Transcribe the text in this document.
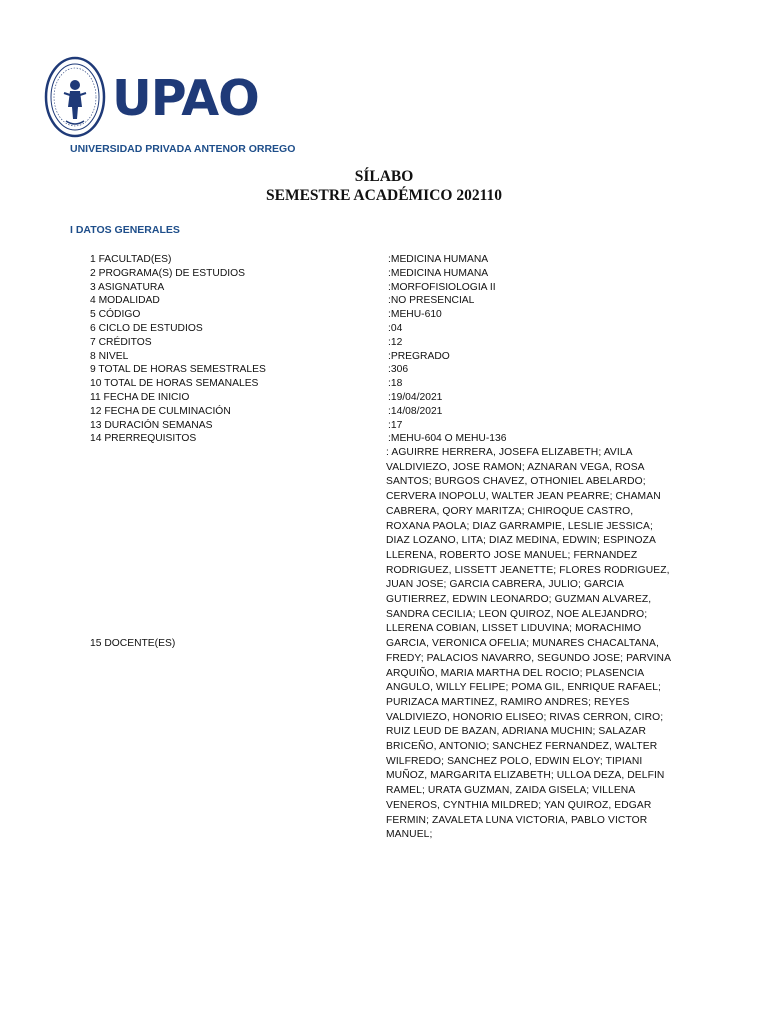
UPAO
UNIVERSIDAD PRIVADA ANTENOR ORREGO
SÍLABO
SEMESTRE ACADÉMICO 202110
I DATOS GENERALES
1 FACULTAD(ES)	:MEDICINA HUMANA
2 PROGRAMA(S) DE ESTUDIOS	:MEDICINA HUMANA
3 ASIGNATURA	:MORFOFISIOLOGIA II
4 MODALIDAD	:NO PRESENCIAL
5 CÓDIGO	:MEHU-610
6 CICLO DE ESTUDIOS	:04
7 CRÉDITOS	:12
8 NIVEL	:PREGRADO
9 TOTAL DE HORAS SEMESTRALES	:306
10 TOTAL DE HORAS SEMANALES	:18
11 FECHA DE INICIO	:19/04/2021
12 FECHA DE CULMINACIÓN	:14/08/2021
13 DURACIÓN SEMANAS	:17
14 PRERREQUISITOS	:MEHU-604 O MEHU-136
15 DOCENTE(ES)
: AGUIRRE HERRERA, JOSEFA ELIZABETH; AVILA VALDIVIEZO, JOSE RAMON; AZNARAN VEGA, ROSA SANTOS; BURGOS CHAVEZ, OTHONIEL ABELARDO; CERVERA INOPOLU, WALTER JEAN PEARRE; CHAMAN CABRERA, QORY MARITZA; CHIROQUE CASTRO, ROXANA PAOLA; DIAZ GARRAMPIE, LESLIE JESSICA; DIAZ LOZANO, LITA; DIAZ MEDINA, EDWIN; ESPINOZA LLERENA, ROBERTO JOSE MANUEL; FERNANDEZ RODRIGUEZ, LISSETT JEANETTE; FLORES RODRIGUEZ, JUAN JOSE; GARCIA CABRERA, JULIO; GARCIA GUTIERREZ, EDWIN LEONARDO; GUZMAN ALVAREZ, SANDRA CECILIA; LEON QUIROZ, NOE ALEJANDRO; LLERENA COBIAN, LISSET LIDUVINA; MORACHIMO GARCIA, VERONICA OFELIA; MUNARES CHACALTANA, FREDY; PALACIOS NAVARRO, SEGUNDO JOSE; PARVINA ARQUIÑO, MARIA MARTHA DEL ROCIO; PLASENCIA ANGULO, WILLY FELIPE; POMA GIL, ENRIQUE RAFAEL; PURIZACA MARTINEZ, RAMIRO ANDRES; REYES VALDIVIEZO, HONORIO ELISEO; RIVAS CERRON, CIRO; RUIZ LEUD DE BAZAN, ADRIANA MUCHIN; SALAZAR BRICEÑO, ANTONIO; SANCHEZ FERNANDEZ, WALTER WILFREDO; SANCHEZ POLO, EDWIN ELOY; TIPIANI MUÑOZ, MARGARITA ELIZABETH; ULLOA DEZA, DELFIN RAMEL; URATA GUZMAN, ZAIDA GISELA; VILLENA VENEROS, CYNTHIA MILDRED; YAN QUIROZ, EDGAR FERMIN; ZAVALETA LUNA VICTORIA, PABLO VICTOR MANUEL;
